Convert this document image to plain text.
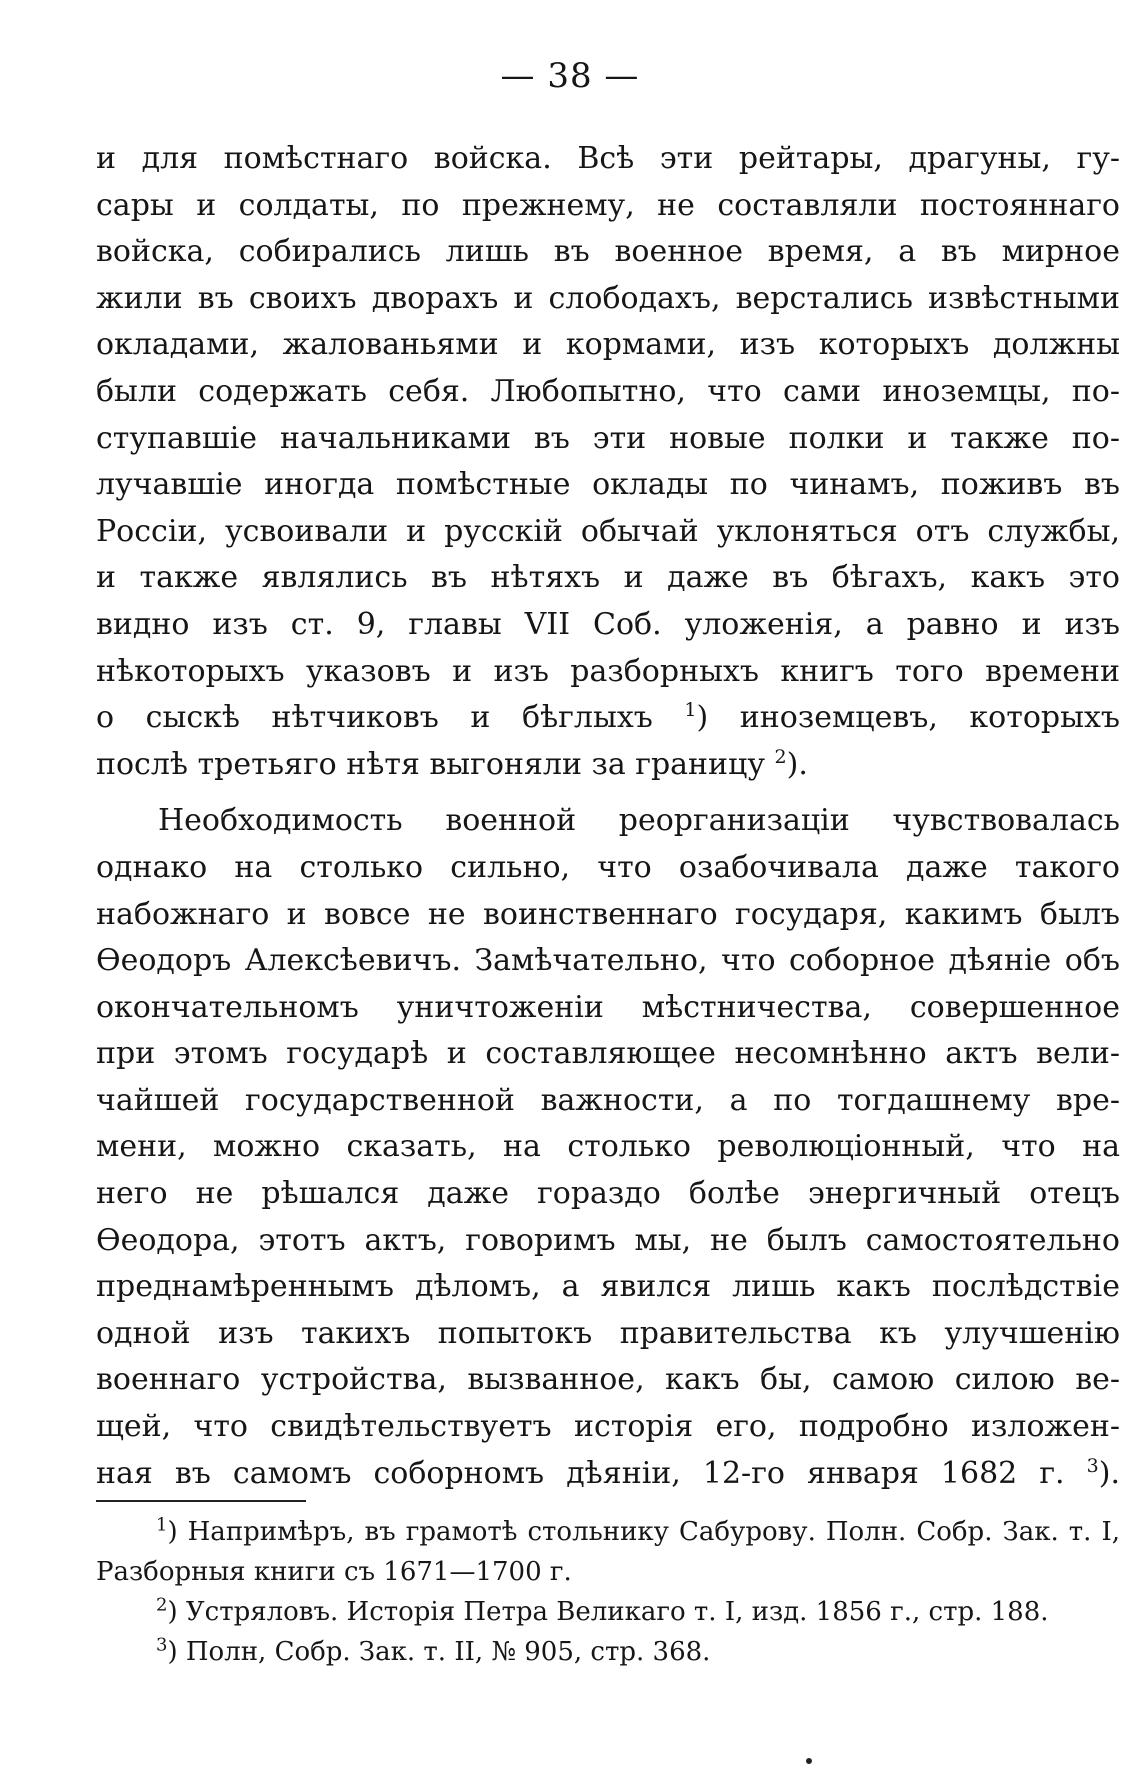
— 38 —

и для помѣстнаго войска. Всѣ эти рейтары, драгуны, гу-
сары и солдаты, по прежнему, не составляли постояннаго
войска, собирались лишь въ военное время, а въ мирное
жили въ своихъ дворахъ и слободахъ, верстались извѣстными
окладами, жалованьями и кормами, изъ которыхъ должны
были содержать себя. Любопытно, что сами иноземцы, по-
ступавшіе начальниками въ эти новые полки и также по-
лучавшіе иногда помѣстные оклады по чинамъ, поживъ въ
Россіи, усвоивали и русскій обычай уклоняться отъ службы,
и также являлись въ нѣтяхъ и даже въ бѣгахъ, какъ это
видно изъ ст. 9, главы VII Соб. уложенія, а равно и изъ
нѣкоторыхъ указовъ и изъ разборныхъ книгъ того времени
о сыскѣ нѣтчиковъ и бѣглыхъ $^1$) иноземцевъ, которыхъ
послѣ третьяго нѣтя выгоняли за границу $^2$).

Необходимость военной реорганизаціи чувствовалась
однако на столько сильно, что озабочивала даже такого
набожнаго и вовсе не воинственнаго государя, какимъ былъ
Ѳеодоръ Алексѣевичъ. Замѣчательно, что соборное дѣяніе объ
окончательномъ уничтоженіи мѣстничества, совершенное
при этомъ государѣ и составляющее несомнѣнно актъ вели-
чайшей государственной важности, а по тогдашнему вре-
мени, можно сказать, на столько революціонный, что на
него не рѣшался даже гораздо болѣе энергичный отецъ
Ѳеодора, этотъ актъ, говоримъ мы, не былъ самостоятельно
преднамѣреннымъ дѣломъ, а явился лишь какъ послѣдствіе
одной изъ такихъ попытокъ правительства къ улучшенію
военнаго устройства, вызванное, какъ бы, самою силою ве-
щей, что свидѣтельствуетъ исторія его, подробно изложен-
ная въ самомъ соборномъ дѣяніи, 12-го января 1682 г. $^3$).

$^1$) Напримѣръ, въ грамотѣ стольнику Сабурову. Полн. Собр. Зак. т. I,

Разборныя книги съ 1671—1700 г.

$^2$) Устряловъ. Исторія Петра Великаго т. I, изд. 1856 г., стр. 188.

$^3$) Полн, Собр. Зак. т. II, № 905, стр. 368.
